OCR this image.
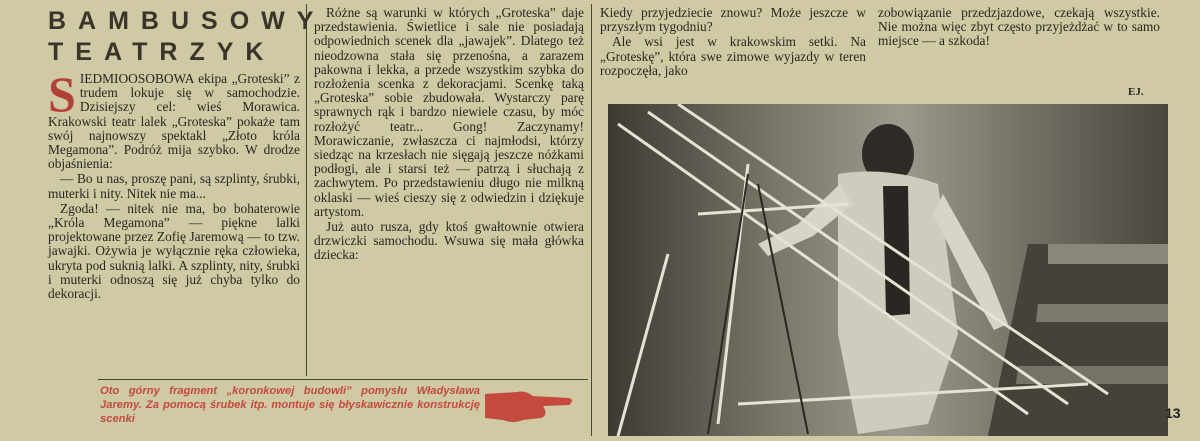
BAMBUSOWY
TEATRZYK

SIEDMIOOSOBOWA ekipa „Groteski” z trudem lokuje się w samochodzie. Dzisiejszy cel: wieś Morawica. Krakowski teatr lalek „Groteska” pokaże tam swój najnowszy spektakl „Złoto króla Megamona”. Podróż mija szybko. W drodze objaśnienia:

— Bo u nas, proszę pani, są szplinty, śrubki, muterki i nity. Nitek nie ma...

Zgoda! — nitek nie ma, bo bohaterowie „Króla Megamona” — piękne lalki projektowane przez Zofię Jaremową — to tzw. jawajki. Ożywia je wyłącznie ręka człowieka, ukryta pod suknią lalki. A szplinty, nity, śrubki i muterki odnoszą się już chyba tylko do dekoracji.

Różne są warunki w których „Groteska” daje przedstawienia. Świetlice i sale nie posiadają odpowiednich scenek dla „jawajek”. Dlatego też nieodzowna stała się przenośna, a zarazem pakowna i lekka, a przede wszystkim szybka do rozłożenia scenka z dekoracjami. Scenkę taką „Groteska” sobie zbudowała. Wystarczy parę sprawnych rąk i bardzo niewiele czasu, by móc rozłożyć teatr... Gong! Zaczynamy! Morawiczanie, zwłaszcza ci najmłodsi, którzy siedząc na krzesłach nie sięgają jeszcze nóżkami podłogi, ale i starsi też — patrzą i słuchają z zachwytem. Po przedstawieniu długo nie milkną oklaski — wieś cieszy się z odwiedzin i dziękuje artystom.

Już auto rusza, gdy ktoś gwałtownie otwiera drzwiczki samochodu. Wsuwa się mała główka dziecka:

Kiedy przyjedziecie znowu? Może jeszcze w przyszłym tygodniu?

Ale wsi jest w krakowskim setki. Na „Groteskę”, która swe zimowe wyjazdy w teren rozpoczęła, jako

zobowiązanie przedzjazdowe, czekają wszystkie. Nie można więc zbyt często przyjeżdżać w to samo miejsce — a szkoda!

EJ.
13
Oto górny fragment „koronkowej budowli” pomysłu Władysława Jaremy. Za pomocą śrubek itp. montuje się błyskawicznie konstrukcję scenki
